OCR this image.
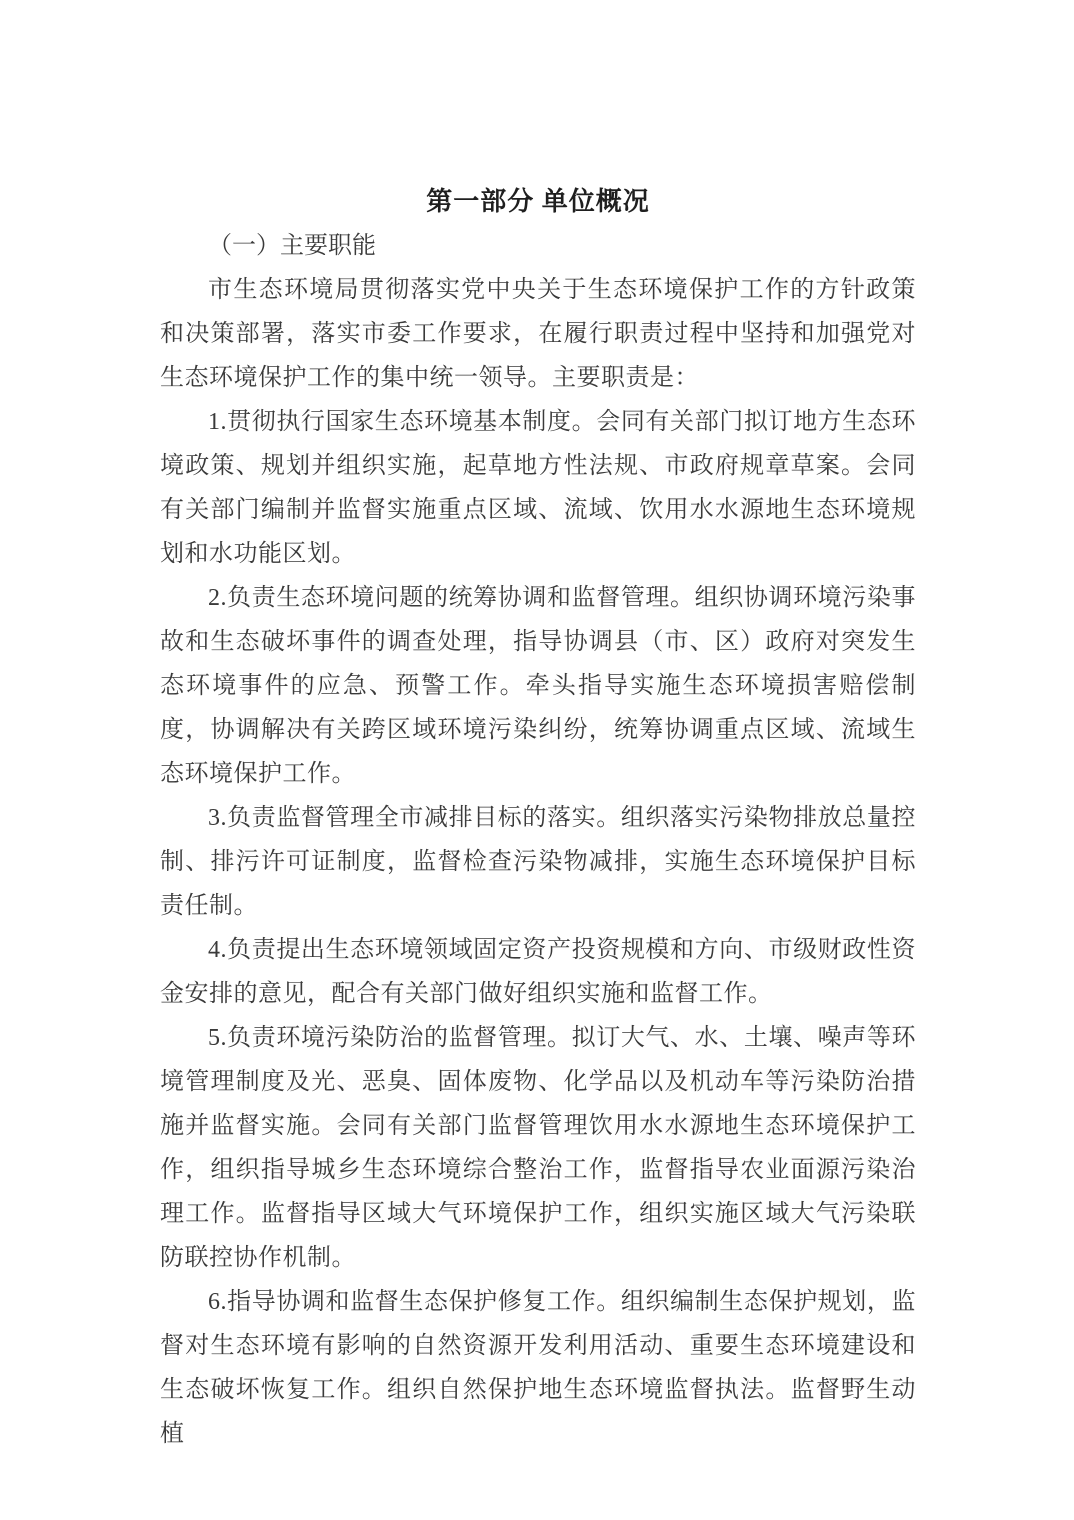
第一部分 单位概况

（一）主要职能

市生态环境局贯彻落实党中央关于生态环境保护工作的方针政策和决策部署，落实市委工作要求，在履行职责过程中坚持和加强党对生态环境保护工作的集中统一领导。主要职责是：

1.贯彻执行国家生态环境基本制度。会同有关部门拟订地方生态环境政策、规划并组织实施，起草地方性法规、市政府规章草案。会同有关部门编制并监督实施重点区域、流域、饮用水水源地生态环境规划和水功能区划。

2.负责生态环境问题的统筹协调和监督管理。组织协调环境污染事故和生态破坏事件的调查处理，指导协调县（市、区）政府对突发生态环境事件的应急、预警工作。牵头指导实施生态环境损害赔偿制度，协调解决有关跨区域环境污染纠纷，统筹协调重点区域、流域生态环境保护工作。

3.负责监督管理全市减排目标的落实。组织落实污染物排放总量控制、排污许可证制度，监督检查污染物减排，实施生态环境保护目标责任制。

4.负责提出生态环境领域固定资产投资规模和方向、市级财政性资金安排的意见，配合有关部门做好组织实施和监督工作。

5.负责环境污染防治的监督管理。拟订大气、水、土壤、噪声等环境管理制度及光、恶臭、固体废物、化学品以及机动车等污染防治措施并监督实施。会同有关部门监督管理饮用水水源地生态环境保护工作，组织指导城乡生态环境综合整治工作，监督指导农业面源污染治理工作。监督指导区域大气环境保护工作，组织实施区域大气污染联防联控协作机制。

6.指导协调和监督生态保护修复工作。组织编制生态保护规划，监督对生态环境有影响的自然资源开发利用活动、重要生态环境建设和生态破坏恢复工作。组织自然保护地生态环境监督执法。监督野生动植
